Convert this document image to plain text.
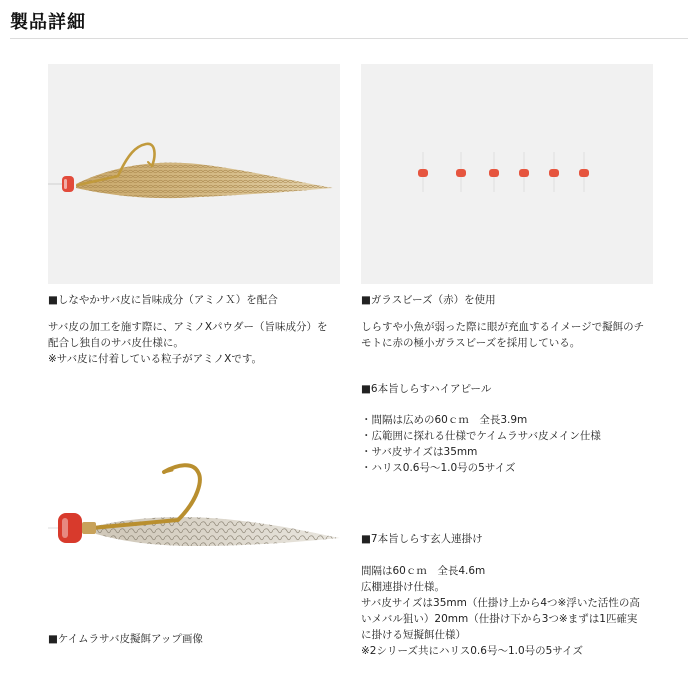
製品詳細
■しなやかサバ皮に旨味成分（アミノＸ）を配合
サバ皮の加工を施す際に、アミノXパウダー（旨味成分）を
配合し独自のサバ皮仕様に。
※サバ皮に付着している粒子がアミノXです。
■ケイムラサバ皮擬餌アップ画像
■ガラスビーズ（赤）を使用
しらすや小魚が弱った際に眼が充血するイメージで擬餌のチ
モトに赤の極小ガラスビーズを採用している。
■6本旨しらすハイアピール
・間隔は広めの60ｃｍ　全長3.9m
・広範囲に探れる仕様でケイムラサバ皮メイン仕様
・サバ皮サイズは35mm
・ハリス0.6号～1.0号の5サイズ
■7本旨しらす玄人連掛け
間隔は60ｃｍ　全長4.6m
広棚連掛け仕様。
サバ皮サイズは35mm（仕掛け上から4つ※浮いた活性の高
いメバル狙い）20mm（仕掛け下から3つ※まずは1匹確実
に掛ける短擬餌仕様）
※2シリーズ共にハリス0.6号～1.0号の5サイズ
